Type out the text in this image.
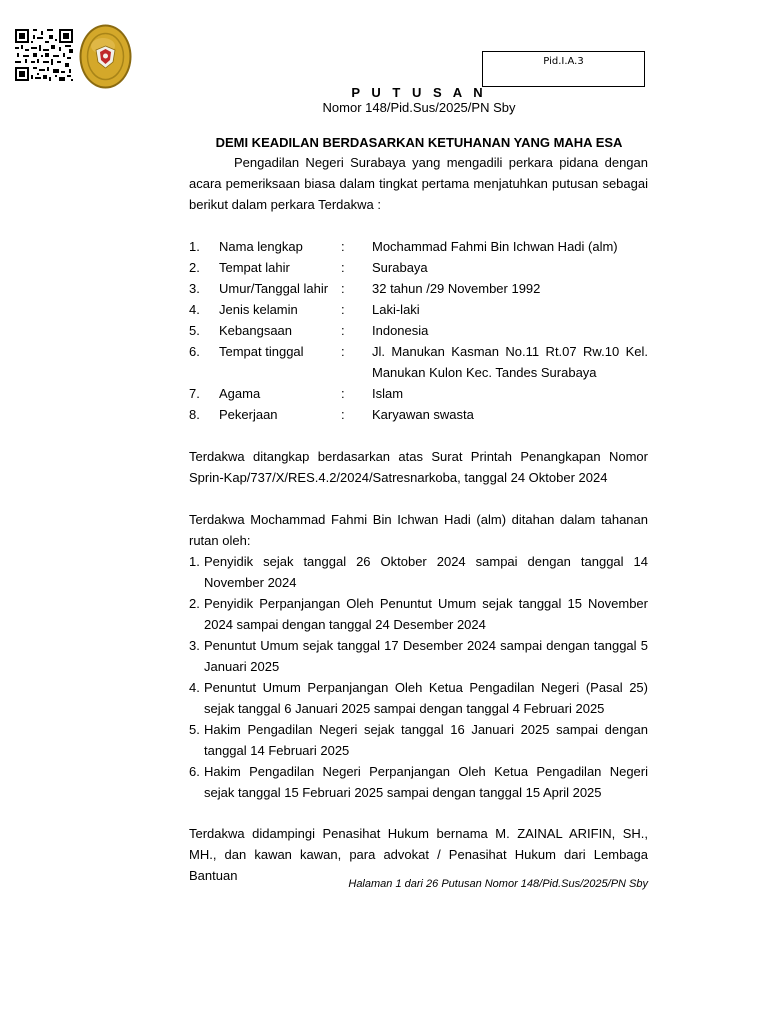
Pid.I.A.3
P U T U S A N
Nomor 148/Pid.Sus/2025/PN Sby
DEMI KEADILAN BERDASARKAN KETUHANAN YANG MAHA ESA
Pengadilan Negeri Surabaya yang mengadili perkara pidana dengan acara pemeriksaan biasa dalam tingkat pertama menjatuhkan putusan sebagai berikut dalam perkara Terdakwa :
1. Nama lengkap	: Mochammad Fahmi Bin Ichwan Hadi (alm)
2. Tempat lahir	: Surabaya
3. Umur/Tanggal lahir : 32 tahun /29 November 1992
4. Jenis kelamin	: Laki-laki
5. Kebangsaan	: Indonesia
6. Tempat tinggal	: Jl. Manukan Kasman No.11 Rt.07 Rw.10 Kel. Manukan Kulon Kec. Tandes Surabaya
7. Agama	: Islam
8. Pekerjaan	: Karyawan swasta
Terdakwa ditangkap berdasarkan atas Surat Printah Penangkapan Nomor Sprin-Kap/737/X/RES.4.2/2024/Satresnarkoba, tanggal 24 Oktober 2024
Terdakwa Mochammad Fahmi Bin Ichwan Hadi (alm) ditahan dalam tahanan rutan oleh:
1. Penyidik sejak tanggal 26 Oktober 2024 sampai dengan tanggal 14 November 2024
2. Penyidik Perpanjangan Oleh Penuntut Umum sejak tanggal 15 November 2024 sampai dengan tanggal 24 Desember 2024
3. Penuntut Umum sejak tanggal 17 Desember 2024 sampai dengan tanggal 5 Januari 2025
4. Penuntut Umum Perpanjangan Oleh Ketua Pengadilan Negeri (Pasal 25) sejak tanggal 6 Januari 2025 sampai dengan tanggal 4 Februari 2025
5. Hakim Pengadilan Negeri sejak tanggal 16 Januari 2025 sampai dengan tanggal 14 Februari 2025
6. Hakim Pengadilan Negeri Perpanjangan Oleh Ketua Pengadilan Negeri sejak tanggal 15 Februari 2025 sampai dengan tanggal 15 April 2025
Terdakwa didampingi Penasihat Hukum bernama M. ZAINAL ARIFIN, SH., MH., dan kawan kawan, para advokat / Penasihat Hukum dari Lembaga Bantuan
Halaman 1 dari 26 Putusan Nomor 148/Pid.Sus/2025/PN Sby
